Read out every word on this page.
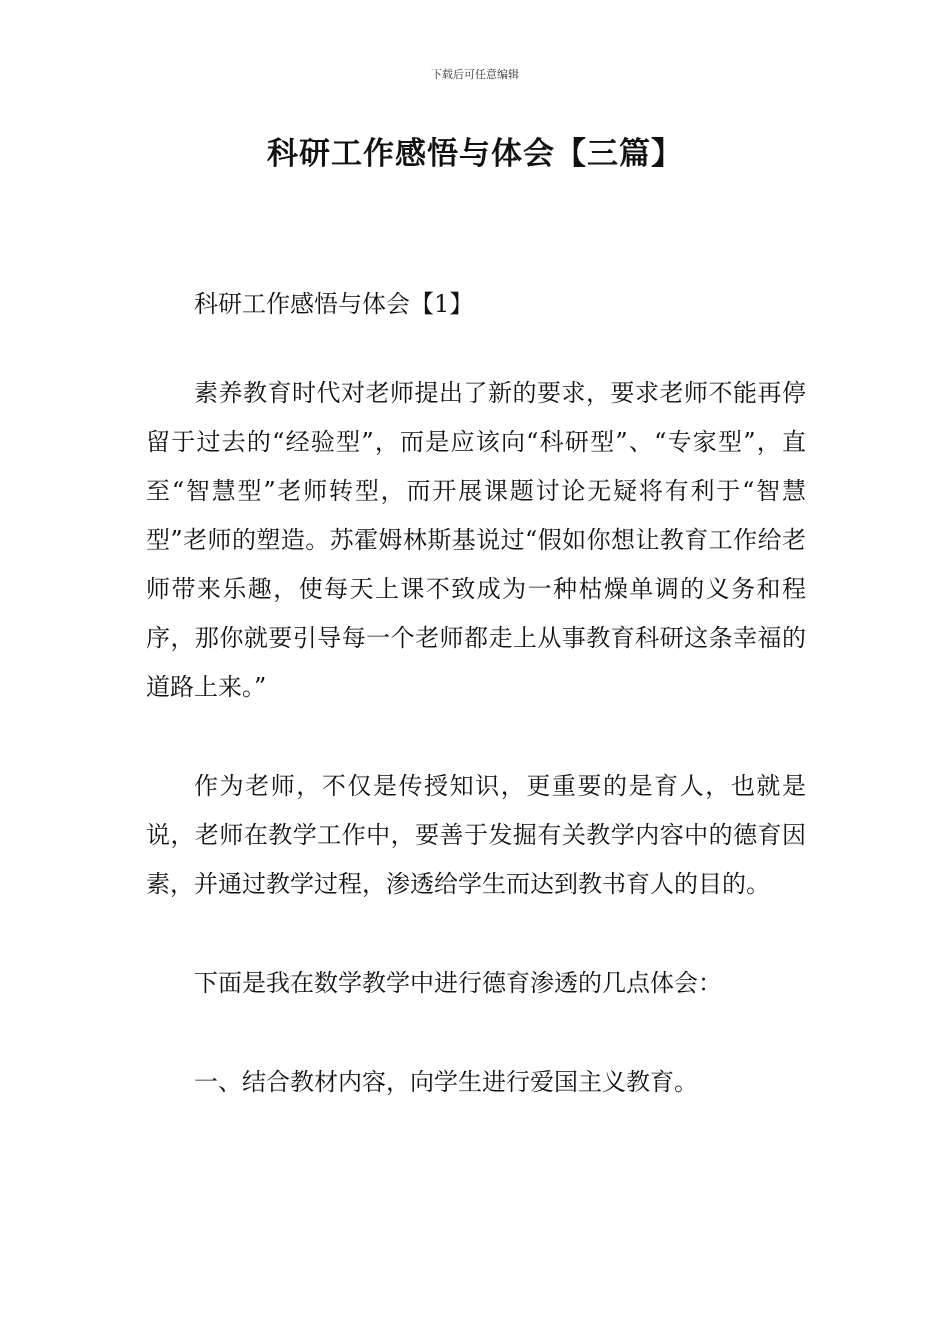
下载后可任意编辑
科研工作感悟与体会【三篇】

科研工作感悟与体会【1】

素养教育时代对老师提出了新的要求，要求老师不能再停留于过去的“经验型”，而是应该向“科研型”、“专家型”，直至“智慧型”老师转型，而开展课题讨论无疑将有利于“智慧型”老师的塑造。苏霍姆林斯基说过“假如你想让教育工作给老师带来乐趣，使每天上课不致成为一种枯燥单调的义务和程序，那你就要引导每一个老师都走上从事教育科研这条幸福的道路上来。”

作为老师，不仅是传授知识，更重要的是育人，也就是说，老师在教学工作中，要善于发掘有关教学内容中的德育因素，并通过教学过程，渗透给学生而达到教书育人的目的。

下面是我在数学教学中进行德育渗透的几点体会：

一、结合教材内容，向学生进行爱国主义教育。
